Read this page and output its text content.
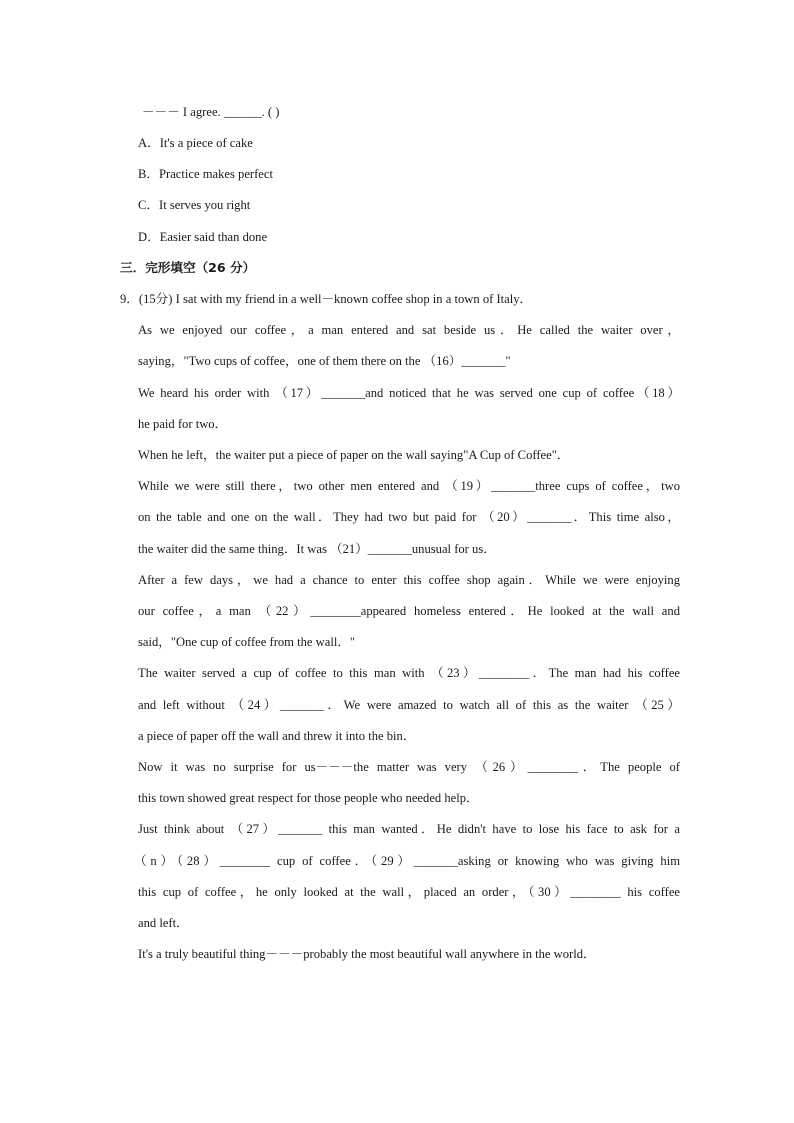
－－－ I agree. ______. ( )
A．It's a piece of cake
B．Practice makes perfect
C．It serves you right
D．Easier said than done
三．完形填空（26 分）
9．(15分) I sat with my friend in a well－known coffee shop in a town of Italy．
As we enjoyed our coffee，a man entered and sat beside us．He called the waiter over，
saying，"Two cups of coffee，one of them there on the （16）_______"
We heard his order with （17）_______and noticed that he was served one cup of coffee（18）
he paid for two．
When he left，the waiter put a piece of paper on the wall saying"A Cup of Coffee"．
While we were still there，two other men entered and （19）_______three cups of coffee，two
on the table and one on the wall．They had two but paid for （20）_______．This time also，
the waiter did the same thing．It was （21）_______unusual for us．
After a few days，we had a chance to enter this coffee shop again．While we were enjoying
our coffee，a man （22）________appeared homeless entered．He looked at the wall and
said，"One cup of coffee from the wall．"
The waiter served a cup of coffee to this man with （23）________．The man had his coffee
and left without （24）_______．We were amazed to watch all of this as the waiter （25）
a piece of paper off the wall and threw it into the bin．
Now it was no surprise for us－－－the matter was very （26）________．The people of
this town showed great respect for those people who needed help．
Just think about （27）_______ this man wanted．He didn't have to lose his face to ask for a
（n）（28）________ cup of coffee．（29）_______asking or knowing who was giving him
this cup of coffee，he only looked at the wall，placed an order，（30）________ his coffee
and left．
It's a truly beautiful thing－－－probably the most beautiful wall anywhere in the world．
